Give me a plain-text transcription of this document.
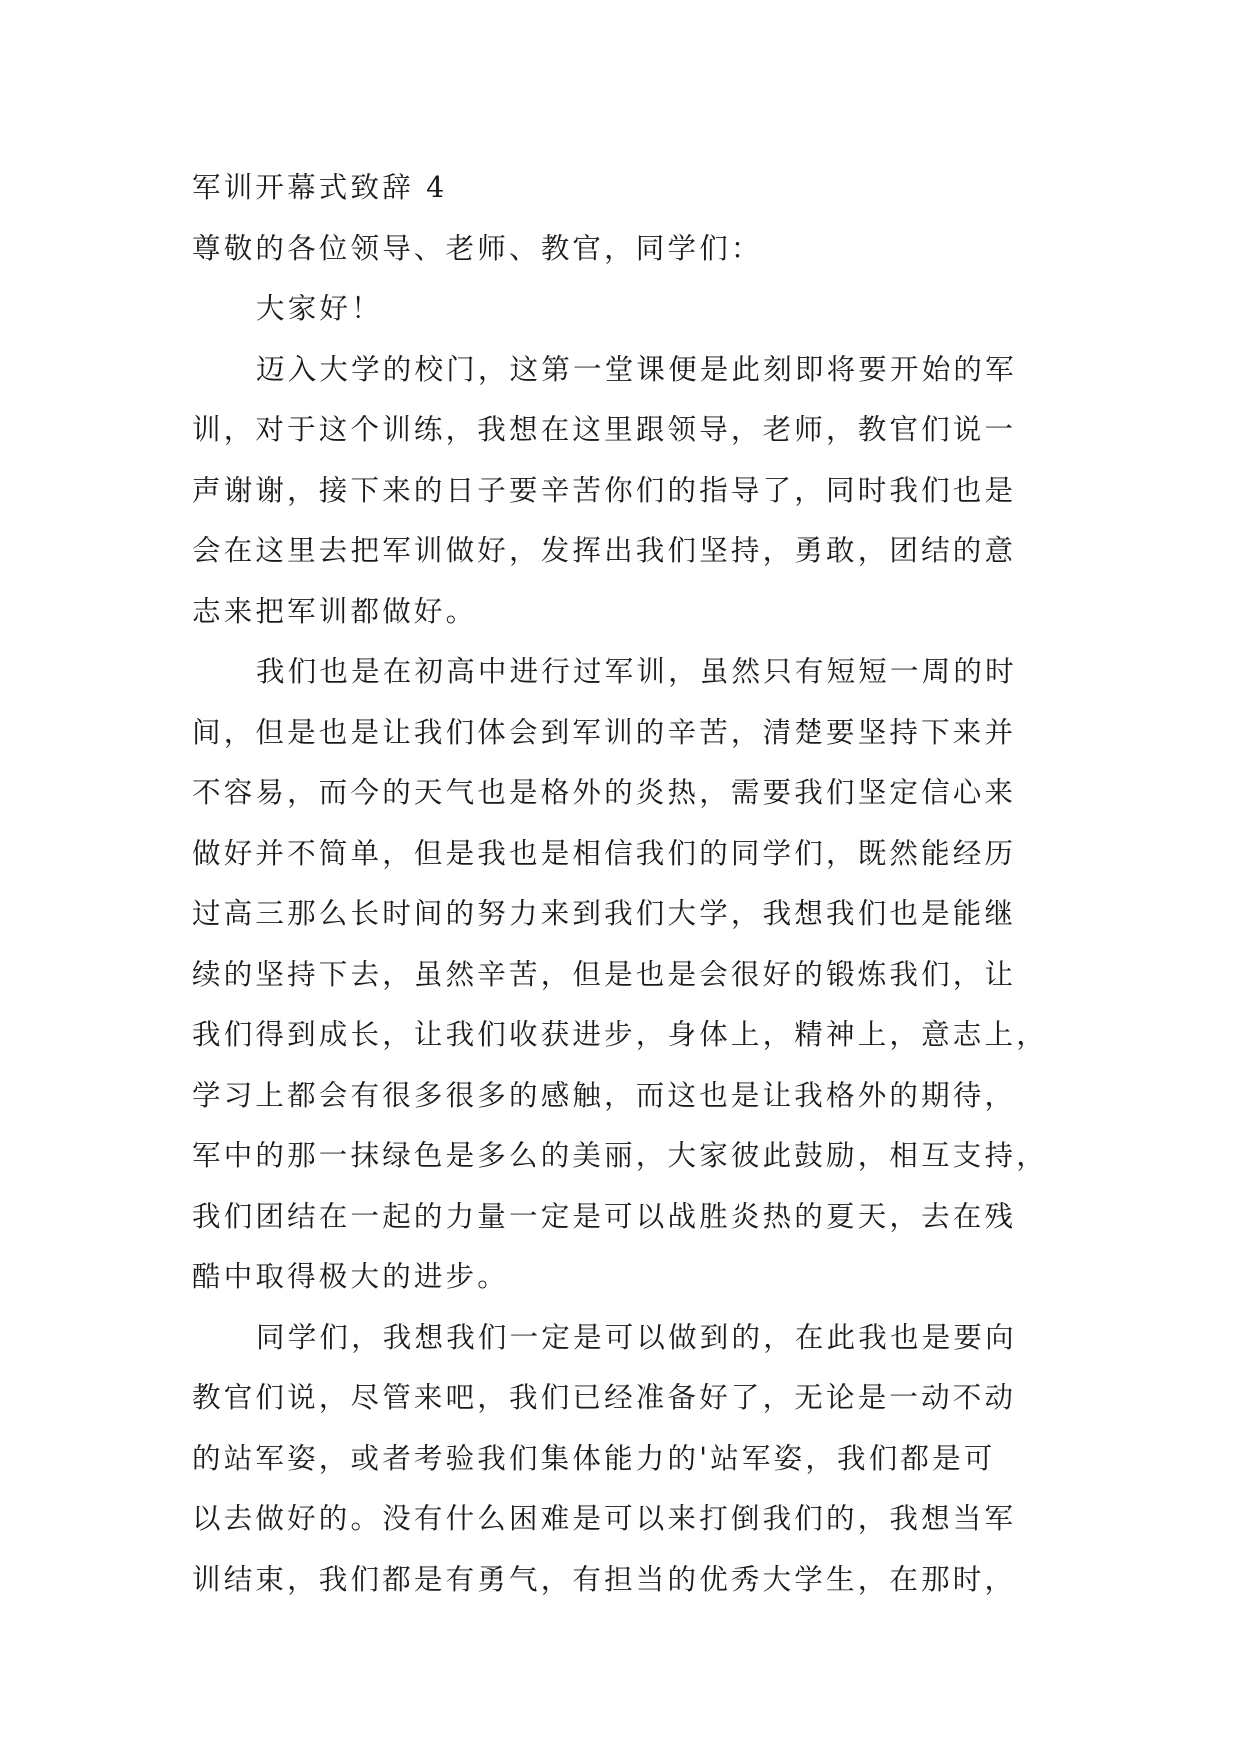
军训开幕式致辞 4
尊敬的各位领导、老师、教官，同学们：
大家好！
迈入大学的校门，这第一堂课便是此刻即将要开始的军
训，对于这个训练，我想在这里跟领导，老师，教官们说一
声谢谢，接下来的日子要辛苦你们的指导了，同时我们也是
会在这里去把军训做好，发挥出我们坚持，勇敢，团结的意
志来把军训都做好。
我们也是在初高中进行过军训，虽然只有短短一周的时
间，但是也是让我们体会到军训的辛苦，清楚要坚持下来并
不容易，而今的天气也是格外的炎热，需要我们坚定信心来
做好并不简单，但是我也是相信我们的同学们，既然能经历
过高三那么长时间的努力来到我们大学，我想我们也是能继
续的坚持下去，虽然辛苦，但是也是会很好的锻炼我们，让
我们得到成长，让我们收获进步，身体上，精神上，意志上，
学习上都会有很多很多的感触，而这也是让我格外的期待，
军中的那一抹绿色是多么的美丽，大家彼此鼓励，相互支持，
我们团结在一起的力量一定是可以战胜炎热的夏天，去在残
酷中取得极大的进步。
同学们，我想我们一定是可以做到的，在此我也是要向
教官们说，尽管来吧，我们已经准备好了，无论是一动不动
的站军姿，或者考验我们集体能力的'站军姿，我们都是可
以去做好的。没有什么困难是可以来打倒我们的，我想当军
训结束，我们都是有勇气，有担当的优秀大学生，在那时，
